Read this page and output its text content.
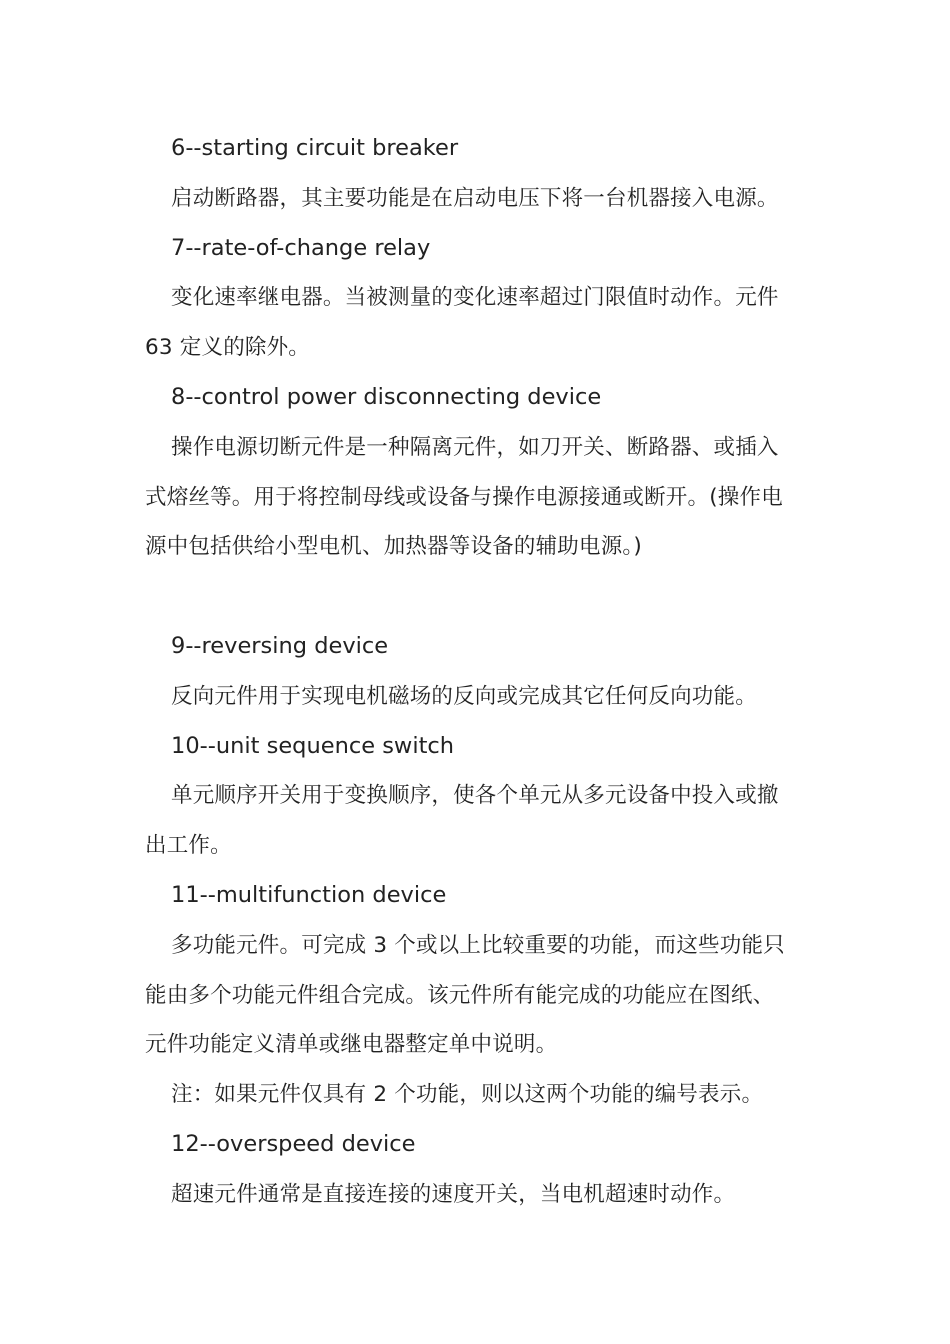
6--starting circuit breaker
启动断路器，其主要功能是在启动电压下将一台机器接入电源。
7--rate-of-change relay
变化速率继电器。当被测量的变化速率超过门限值时动作。元件
63 定义的除外。
8--control power disconnecting device
操作电源切断元件是一种隔离元件，如刀开关、断路器、或插入
式熔丝等。用于将控制母线或设备与操作电源接通或断开。(操作电
源中包括供给小型电机、加热器等设备的辅助电源。)
9--reversing device
反向元件用于实现电机磁场的反向或完成其它任何反向功能。
10--unit sequence switch
单元顺序开关用于变换顺序，使各个单元从多元设备中投入或撤
出工作。
11--multifunction device
多功能元件。可完成 3 个或以上比较重要的功能，而这些功能只
能由多个功能元件组合完成。该元件所有能完成的功能应在图纸、
元件功能定义清单或继电器整定单中说明。
注：如果元件仅具有 2 个功能，则以这两个功能的编号表示。
12--overspeed device
超速元件通常是直接连接的速度开关，当电机超速时动作。
